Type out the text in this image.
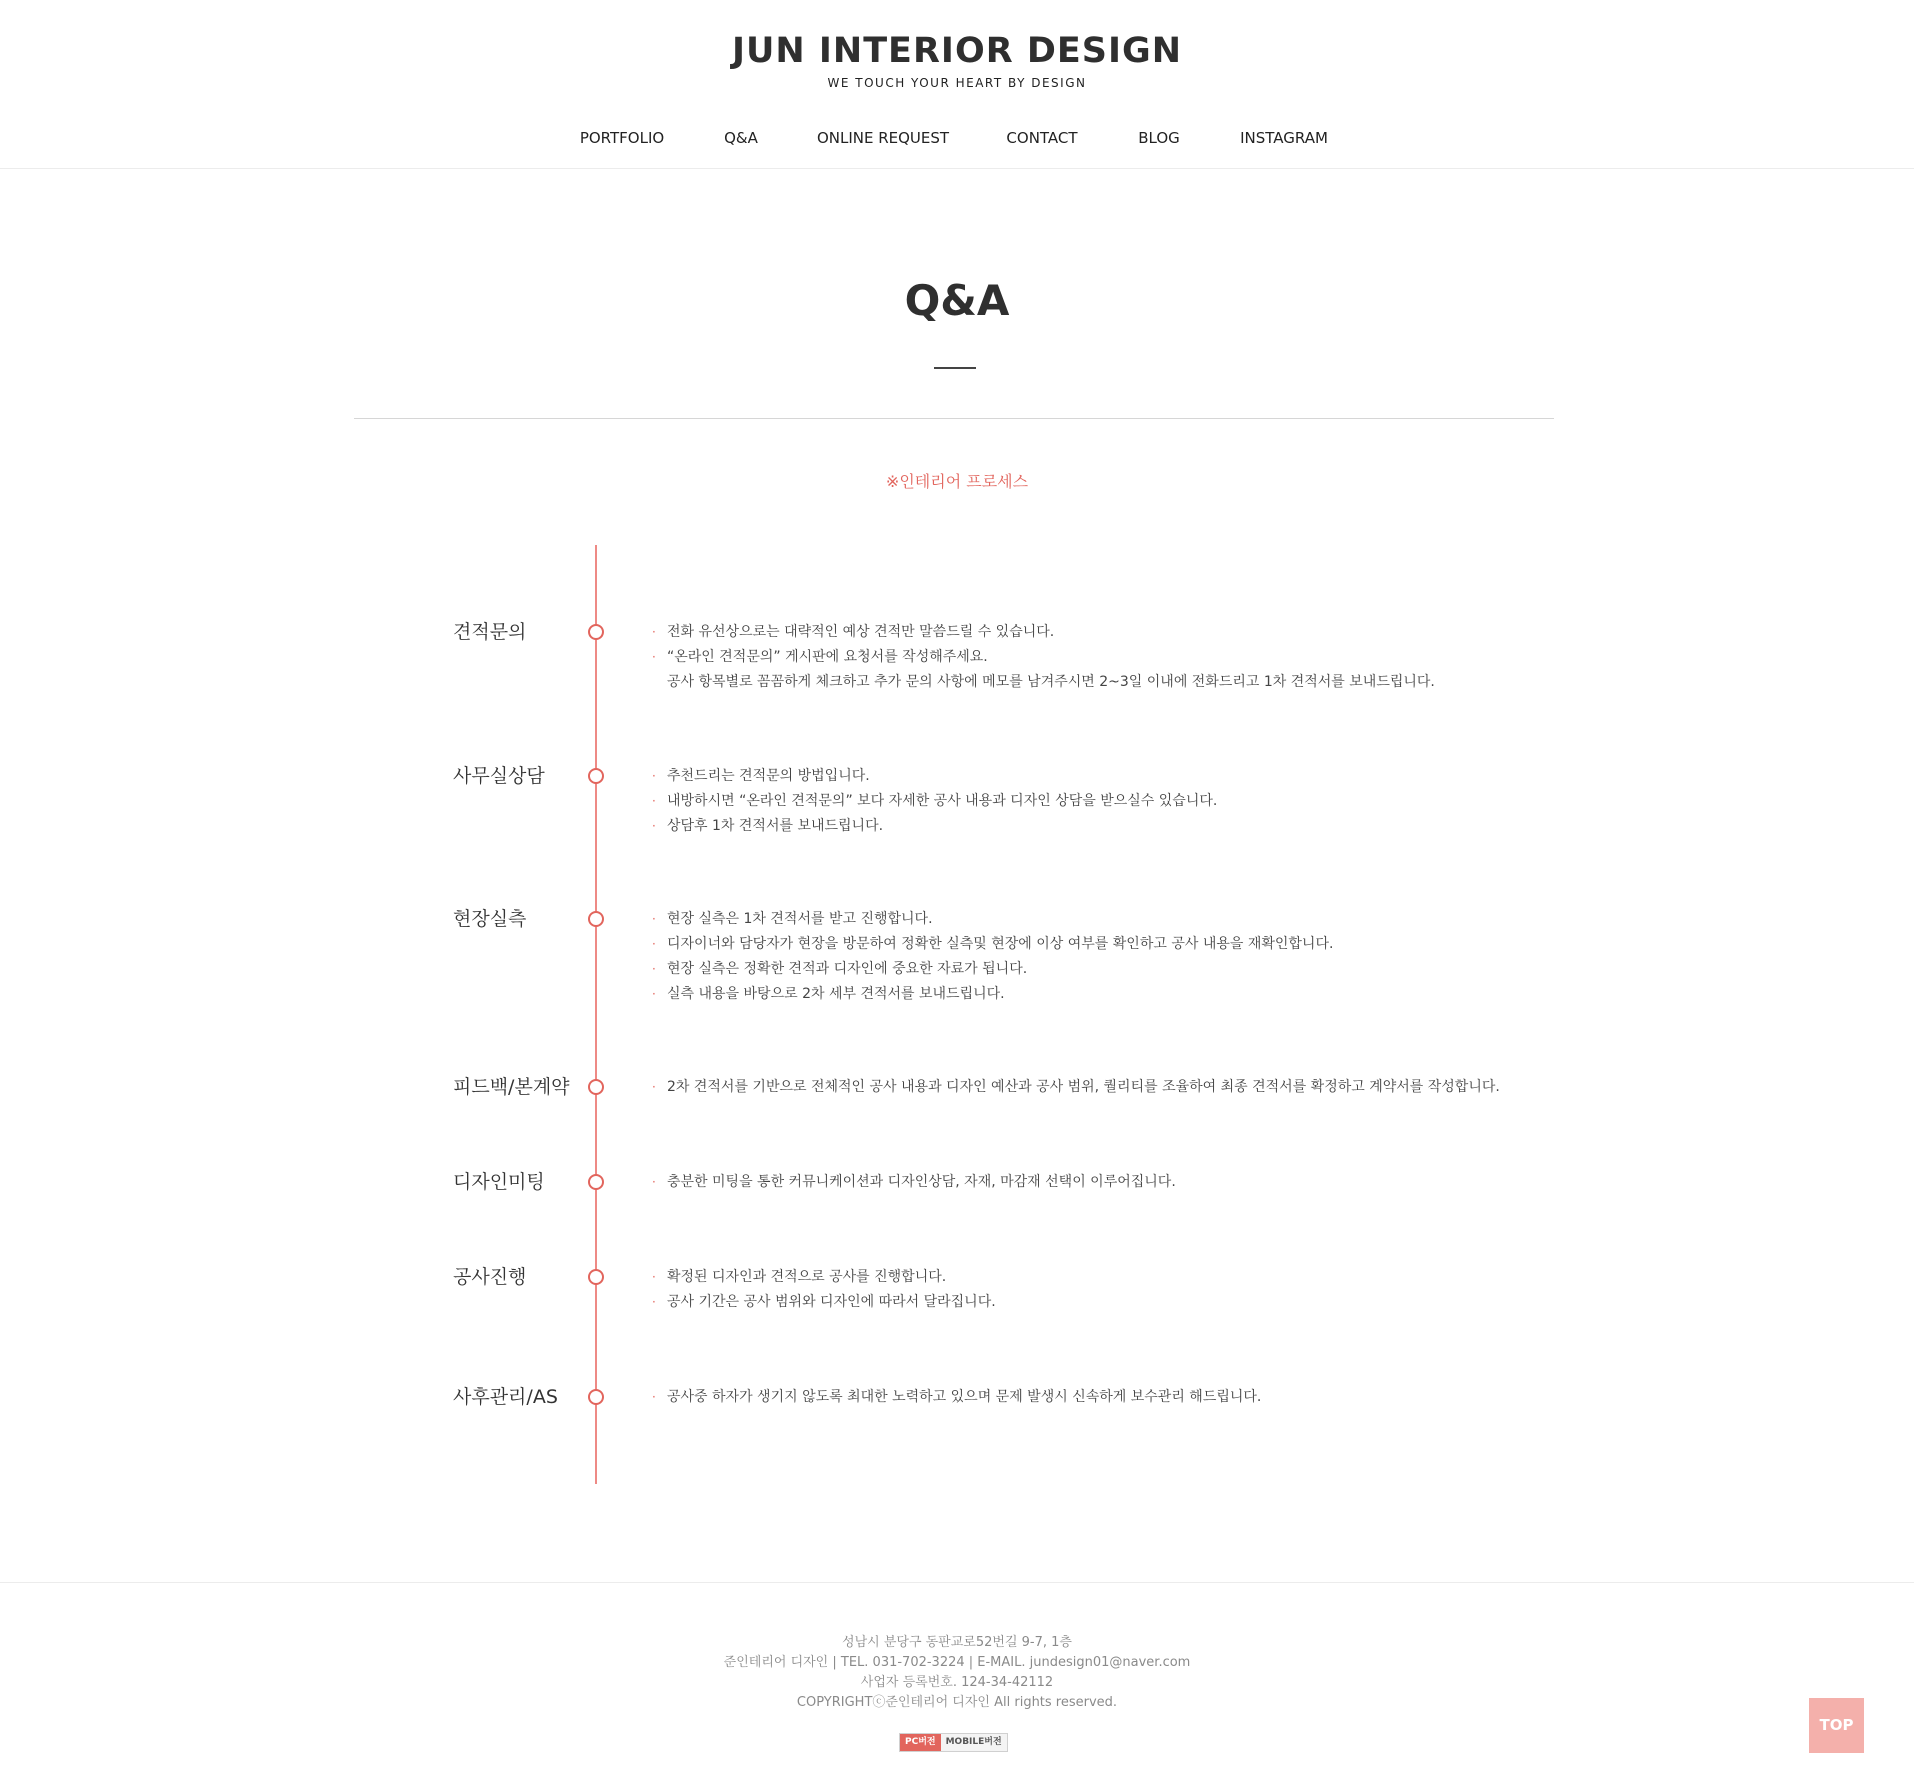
JUN INTERIOR DESIGN
WE TOUCH YOUR HEART BY DESIGN
PORTFOLIO	Q&A	ONLINE REQUEST	CONTACT	BLOG	INSTAGRAM
Q&A
※인테리어 프로세스
견적문의	· 전화 유선상으로는 대략적인 예상 견적만 말씀드릴 수 있습니다.
· “온라인 견적문의” 게시판에 요청서를 작성해주세요.
공사 항목별로 꼼꼼하게 체크하고 추가 문의 사항에 메모를 남겨주시면 2~3일 이내에 전화드리고 1차 견적서를 보내드립니다.
사무실상담	· 추천드리는 견적문의 방법입니다.
· 내방하시면 “온라인 견적문의” 보다 자세한 공사 내용과 디자인 상담을 받으실수 있습니다.
· 상담후 1차 견적서를 보내드립니다.
현장실측	· 현장 실측은 1차 견적서를 받고 진행합니다.
· 디자이너와 담당자가 현장을 방문하여 정확한 실측및 현장에 이상 여부를 확인하고 공사 내용을 재확인합니다.
· 현장 실측은 정확한 견적과 디자인에 중요한 자료가 됩니다.
· 실측 내용을 바탕으로 2차 세부 견적서를 보내드립니다.
피드백/본계약	· 2차 견적서를 기반으로 전체적인 공사 내용과 디자인 예산과 공사 범위, 퀄리티를 조율하여 최종 견적서를 확정하고 계약서를 작성합니다.
디자인미팅	· 충분한 미팅을 통한 커뮤니케이션과 디자인상담, 자재, 마감재 선택이 이루어집니다.
공사진행	· 확정된 디자인과 견적으로 공사를 진행합니다.
· 공사 기간은 공사 범위와 디자인에 따라서 달라집니다.
사후관리/AS	· 공사중 하자가 생기지 않도록 최대한 노력하고 있으며 문제 발생시 신속하게 보수관리 해드립니다.
성남시 분당구 동판교로52번길 9-7, 1층
준인테리어 디자인 | TEL. 031-702-3224 | E-MAIL. jundesign01@naver.com
사업자 등록번호. 124-34-42112
COPYRIGHTⓒ준인테리어 디자인 All rights reserved.
PC버전	MOBILE버전
TOP
